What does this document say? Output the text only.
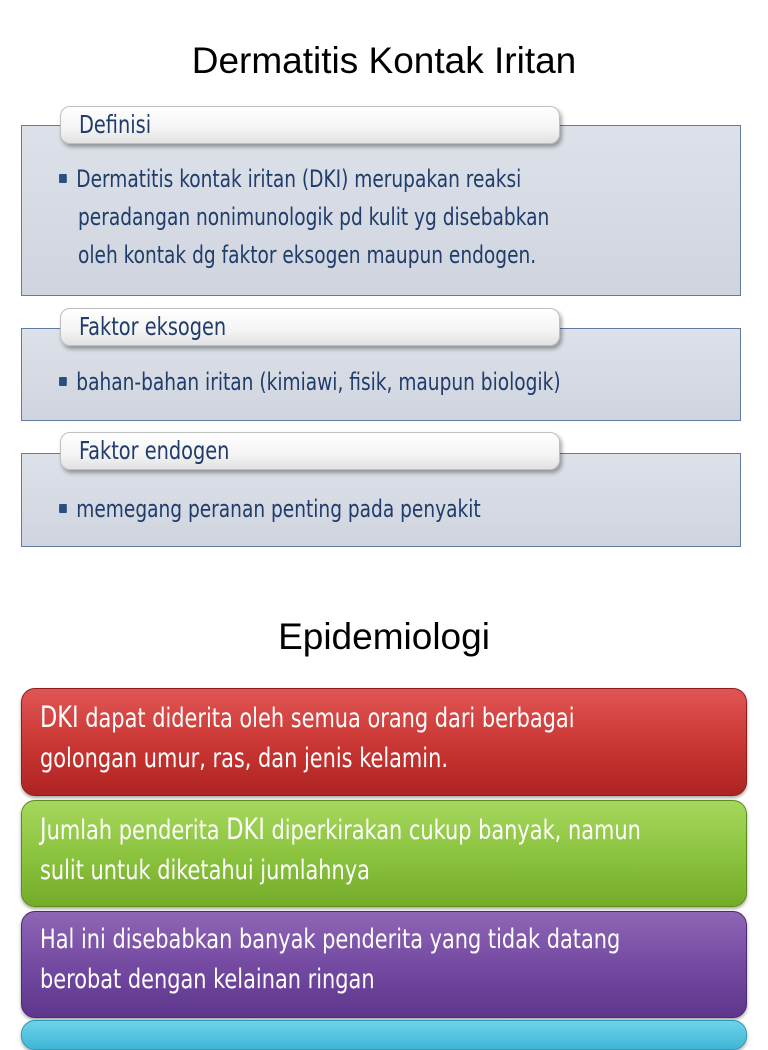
Dermatitis Kontak Iritan
Dermatitis kontak iritan (DKI) merupakan reaksi
peradangan nonimunologik pd kulit yg disebabkan
oleh kontak dg faktor eksogen maupun endogen.
Definisi
bahan-bahan iritan (kimiawi, fisik, maupun biologik)
Faktor eksogen
memegang peranan penting pada penyakit
Faktor endogen
Epidemiologi
DKI dapat diderita oleh semua orang dari berbagai
golongan umur, ras, dan jenis kelamin.
Jumlah penderita DKI diperkirakan cukup banyak, namun
sulit untuk diketahui jumlahnya
Hal ini disebabkan banyak penderita yang tidak datang
berobat dengan kelainan ringan
